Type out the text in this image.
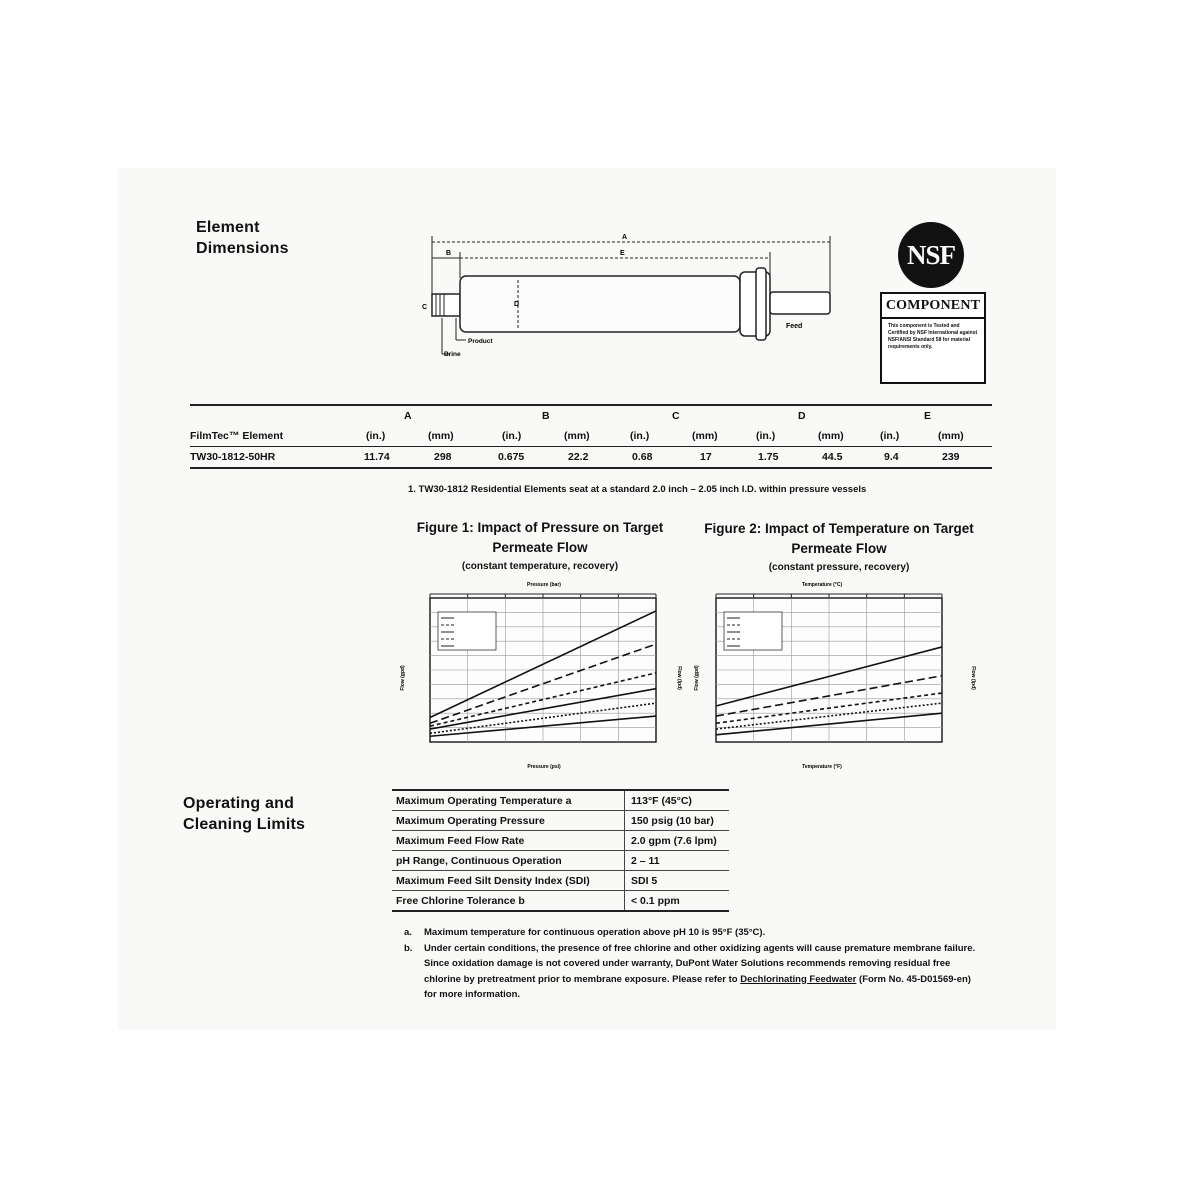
Element
Dimensions
A
E
B
C	D
Feed
Product
Brine
NSF
COMPONENT
This component is Tested and Certified by NSF International against NSF/ANSI Standard 58 for material requirements only.
A	B	C	D	E
FilmTec™ Element	(in.)	(mm)	(in.)	(mm)	(in.)	(mm)	(in.)	(mm)	(in.)	(mm)
TW30-1812-50HR	11.74	298	0.675	22.2	0.68	17	1.75	44.5	9.4	239
1. TW30-1812 Residential Elements seat at a standard 2.0 inch – 2.05 inch I.D. within pressure vessels
Figure 1: Impact of Pressure on Target
Permeate Flow
(constant temperature, recovery)
Figure 2: Impact of Temperature on Target
Permeate Flow
(constant pressure, recovery)
Pressure (bar)
Pressure (psi)
Flow (gpd)	Flow (lpd)
Temperature (°C)
Temperature (°F)
Flow (gpd)	Flow (lpd)
Operating and
Cleaning Limits
Maximum Operating Temperature a	113°F (45°C)
Maximum Operating Pressure	150 psig (10 bar)
Maximum Feed Flow Rate	2.0 gpm (7.6 lpm)
pH Range, Continuous Operation	2 – 11
Maximum Feed Silt Density Index (SDI)	SDI 5
Free Chlorine Tolerance b	< 0.1 ppm
a.	Maximum temperature for continuous operation above pH 10 is 95°F (35°C).
b.	Under certain conditions, the presence of free chlorine and other oxidizing agents will cause premature membrane failure. Since oxidation damage is not covered under warranty, DuPont Water Solutions recommends removing residual free chlorine by pretreatment prior to membrane exposure. Please refer to Dechlorinating Feedwater (Form No. 45-D01569-en) for more information.
